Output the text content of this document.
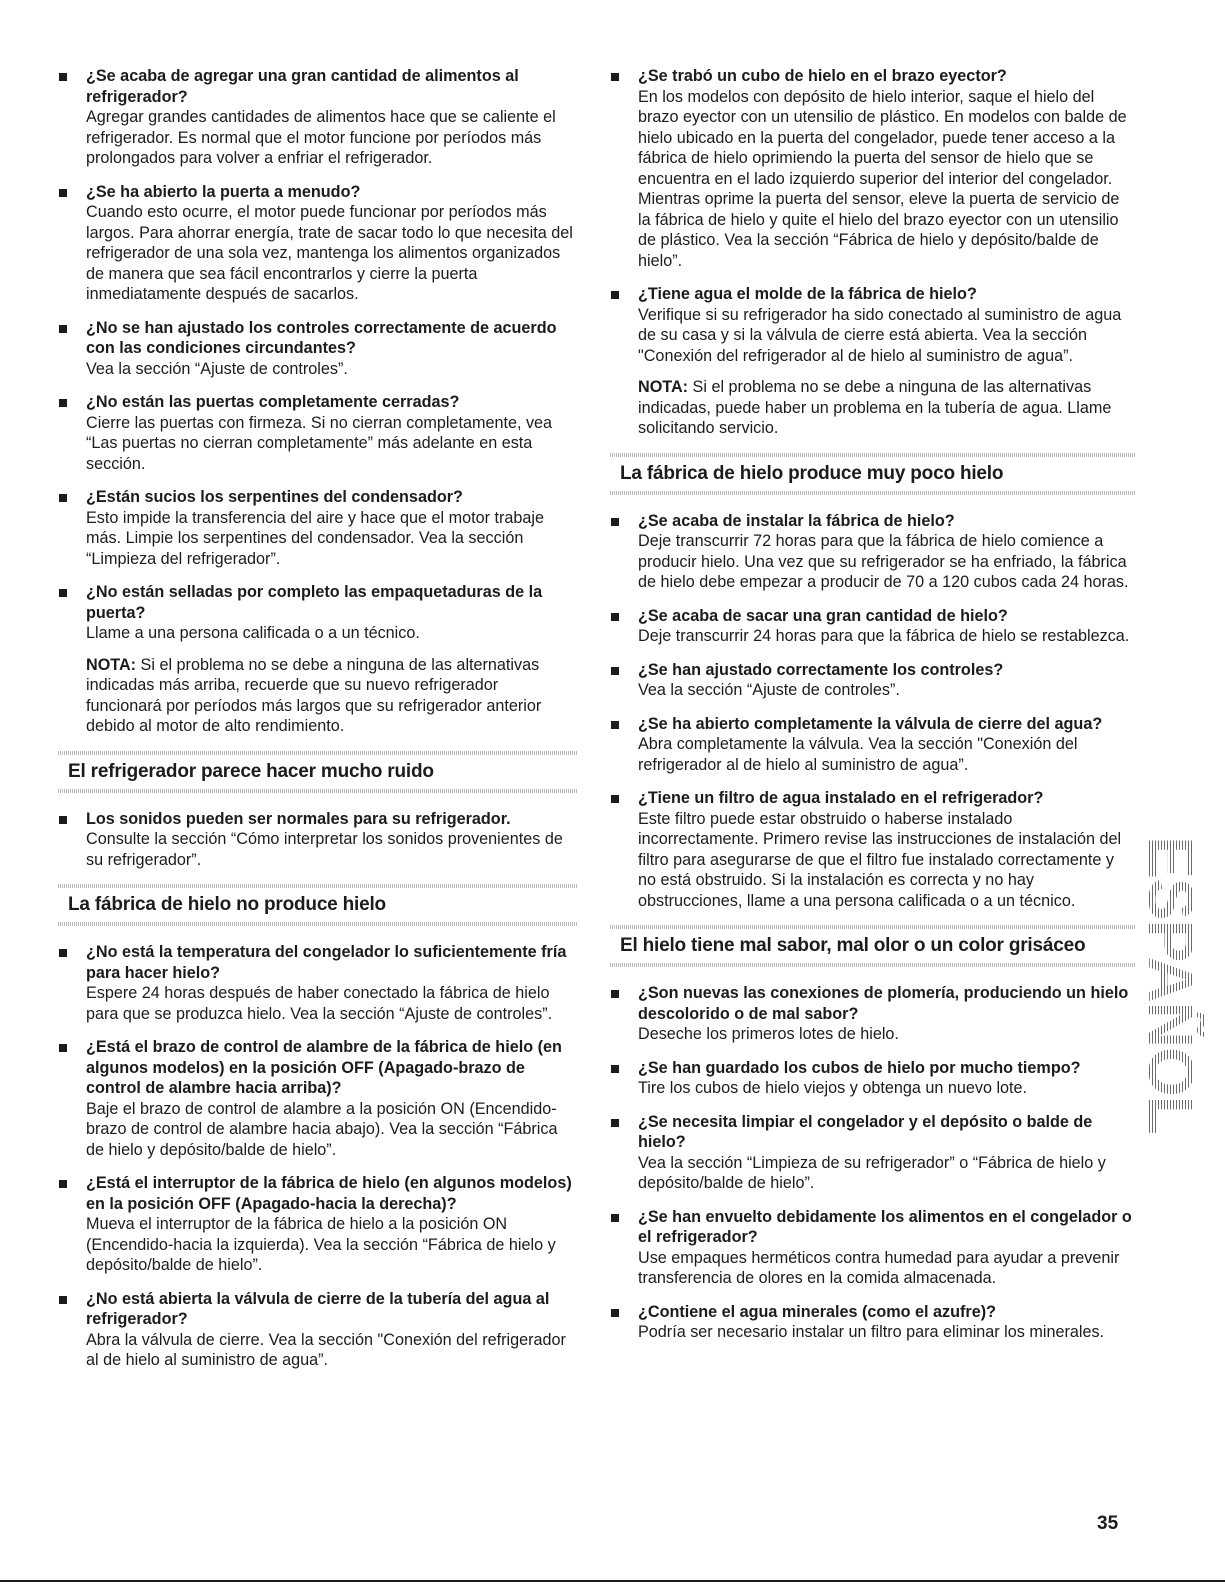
¿Se acaba de agregar una gran cantidad de alimentos al refrigerador?
Agregar grandes cantidades de alimentos hace que se caliente el refrigerador. Es normal que el motor funcione por períodos más prolongados para volver a enfriar el refrigerador.
¿Se ha abierto la puerta a menudo?
Cuando esto ocurre, el motor puede funcionar por períodos más largos. Para ahorrar energía, trate de sacar todo lo que necesita del refrigerador de una sola vez, mantenga los alimentos organizados de manera que sea fácil encontrarlos y cierre la puerta inmediatamente después de sacarlos.
¿No se han ajustado los controles correctamente de acuerdo con las condiciones circundantes?
Vea la sección “Ajuste de controles”.
¿No están las puertas completamente cerradas?
Cierre las puertas con firmeza. Si no cierran completamente, vea “Las puertas no cierran completamente” más adelante en esta sección.
¿Están sucios los serpentines del condensador?
Esto impide la transferencia del aire y hace que el motor trabaje más. Limpie los serpentines del condensador. Vea la sección “Limpieza del refrigerador”.
¿No están selladas por completo las empaquetaduras de la puerta?
Llame a una persona calificada o a un técnico.
NOTA: Si el problema no se debe a ninguna de las alternativas indicadas más arriba, recuerde que su nuevo refrigerador funcionará por períodos más largos que su refrigerador anterior debido al motor de alto rendimiento.
El refrigerador parece hacer mucho ruido
Los sonidos pueden ser normales para su refrigerador.
Consulte la sección “Cómo interpretar los sonidos provenientes de su refrigerador”.
La fábrica de hielo no produce hielo
¿No está la temperatura del congelador lo suficientemente fría para hacer hielo?
Espere 24 horas después de haber conectado la fábrica de hielo para que se produzca hielo. Vea la sección “Ajuste de controles”.
¿Está el brazo de control de alambre de la fábrica de hielo (en algunos modelos) en la posición OFF (Apagado-brazo de control de alambre hacia arriba)?
Baje el brazo de control de alambre a la posición ON (Encendido-brazo de control de alambre hacia abajo). Vea la sección “Fábrica de hielo y depósito/balde de hielo”.
¿Está el interruptor de la fábrica de hielo (en algunos modelos) en la posición OFF (Apagado-hacia la derecha)?
Mueva el interruptor de la fábrica de hielo a la posición ON (Encendido-hacia la izquierda). Vea la sección “Fábrica de hielo y depósito/balde de hielo”.
¿No está abierta la válvula de cierre de la tubería del agua al refrigerador?
Abra la válvula de cierre. Vea la sección "Conexión del refrigerador al de hielo al suministro de agua”.
¿Se trabó un cubo de hielo en el brazo eyector?
En los modelos con depósito de hielo interior, saque el hielo del brazo eyector con un utensilio de plástico. En modelos con balde de hielo ubicado en la puerta del congelador, puede tener acceso a la fábrica de hielo oprimiendo la puerta del sensor de hielo que se encuentra en el lado izquierdo superior del interior del congelador. Mientras oprime la puerta del sensor, eleve la puerta de servicio de la fábrica de hielo y quite el hielo del brazo eyector con un utensilio de plástico. Vea la sección “Fábrica de hielo y depósito/balde de hielo”.
¿Tiene agua el molde de la fábrica de hielo?
Verifique si su refrigerador ha sido conectado al suministro de agua de su casa y si la válvula de cierre está abierta. Vea la sección "Conexión del refrigerador al de hielo al suministro de agua”.
NOTA: Si el problema no se debe a ninguna de las alternativas indicadas, puede haber un problema en la tubería de agua. Llame solicitando servicio.
La fábrica de hielo produce muy poco hielo
¿Se acaba de instalar la fábrica de hielo?
Deje transcurrir 72 horas para que la fábrica de hielo comience a producir hielo. Una vez que su refrigerador se ha enfriado, la fábrica de hielo debe empezar a producir de 70 a 120 cubos cada 24 horas.
¿Se acaba de sacar una gran cantidad de hielo?
Deje transcurrir 24 horas para que la fábrica de hielo se restablezca.
¿Se han ajustado correctamente los controles?
Vea la sección “Ajuste de controles”.
¿Se ha abierto completamente la válvula de cierre del agua?
Abra completamente la válvula. Vea la sección "Conexión del refrigerador al de hielo al suministro de agua”.
¿Tiene un filtro de agua instalado en el refrigerador?
Este filtro puede estar obstruido o haberse instalado incorrectamente. Primero revise las instrucciones de instalación del filtro para asegurarse de que el filtro fue instalado correctamente y no está obstruido. Si la instalación es correcta y no hay obstrucciones, llame a una persona calificada o a un técnico.
El hielo tiene mal sabor, mal olor o un color grisáceo
¿Son nuevas las conexiones de plomería, produciendo un hielo descolorido o de mal sabor?
Deseche los primeros lotes de hielo.
¿Se han guardado los cubos de hielo por mucho tiempo?
Tire los cubos de hielo viejos y obtenga un nuevo lote.
¿Se necesita limpiar el congelador y el depósito o balde de hielo?
Vea la sección “Limpieza de su refrigerador” o “Fábrica de hielo y depósito/balde de hielo”.
¿Se han envuelto debidamente los alimentos en el congelador o el refrigerador?
Use empaques herméticos contra humedad para ayudar a prevenir transferencia de olores en la comida almacenada.
¿Contiene el agua minerales (como el azufre)?
Podría ser necesario instalar un filtro para eliminar los minerales.
ESPAÑOL
35
